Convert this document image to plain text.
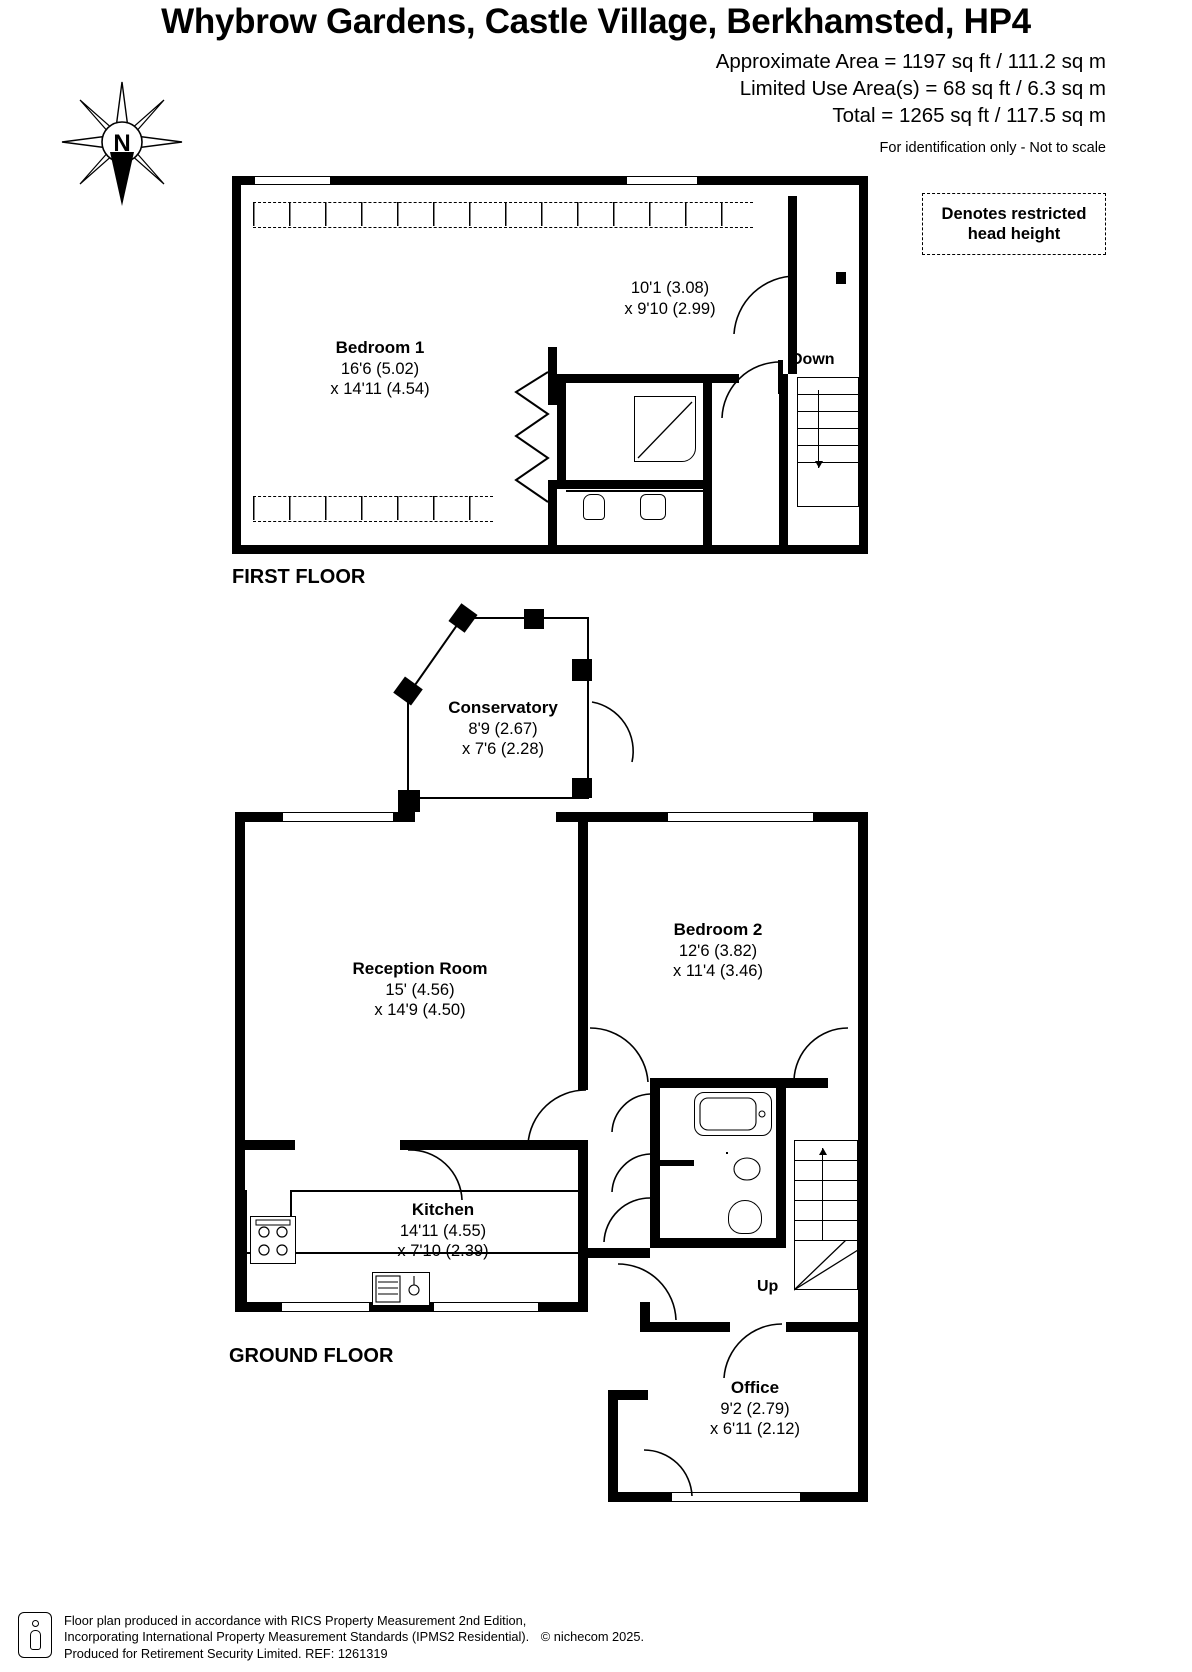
Whybrow Gardens, Castle Village, Berkhamsted, HP4
Approximate Area = 1197 sq ft / 111.2 sq m
Limited Use Area(s) = 68 sq ft / 6.3 sq m
Total = 1265 sq ft / 117.5 sq m
For identification only - Not to scale
N
Denotes restricted
head height
Bedroom 1
16'6 (5.02)
x 14'11 (4.54)
10'1 (3.08)
x 9'10 (2.99)
Down
FIRST FLOOR
Conservatory
8'9 (2.67)
x 7'6 (2.28)
Reception Room
15' (4.56)
x 14'9 (4.50)
Bedroom 2
12'6 (3.82)
x 11'4 (3.46)
Kitchen
14'11 (4.55)
x 7'10 (2.39)
Office
9'2 (2.79)
x 6'11 (2.12)
Up
GROUND FLOOR
Floor plan produced in accordance with RICS Property Measurement 2nd Edition,
Incorporating International Property Measurement Standards (IPMS2 Residential). © nichecom 2025.
Produced for Retirement Security Limited. REF: 1261319
